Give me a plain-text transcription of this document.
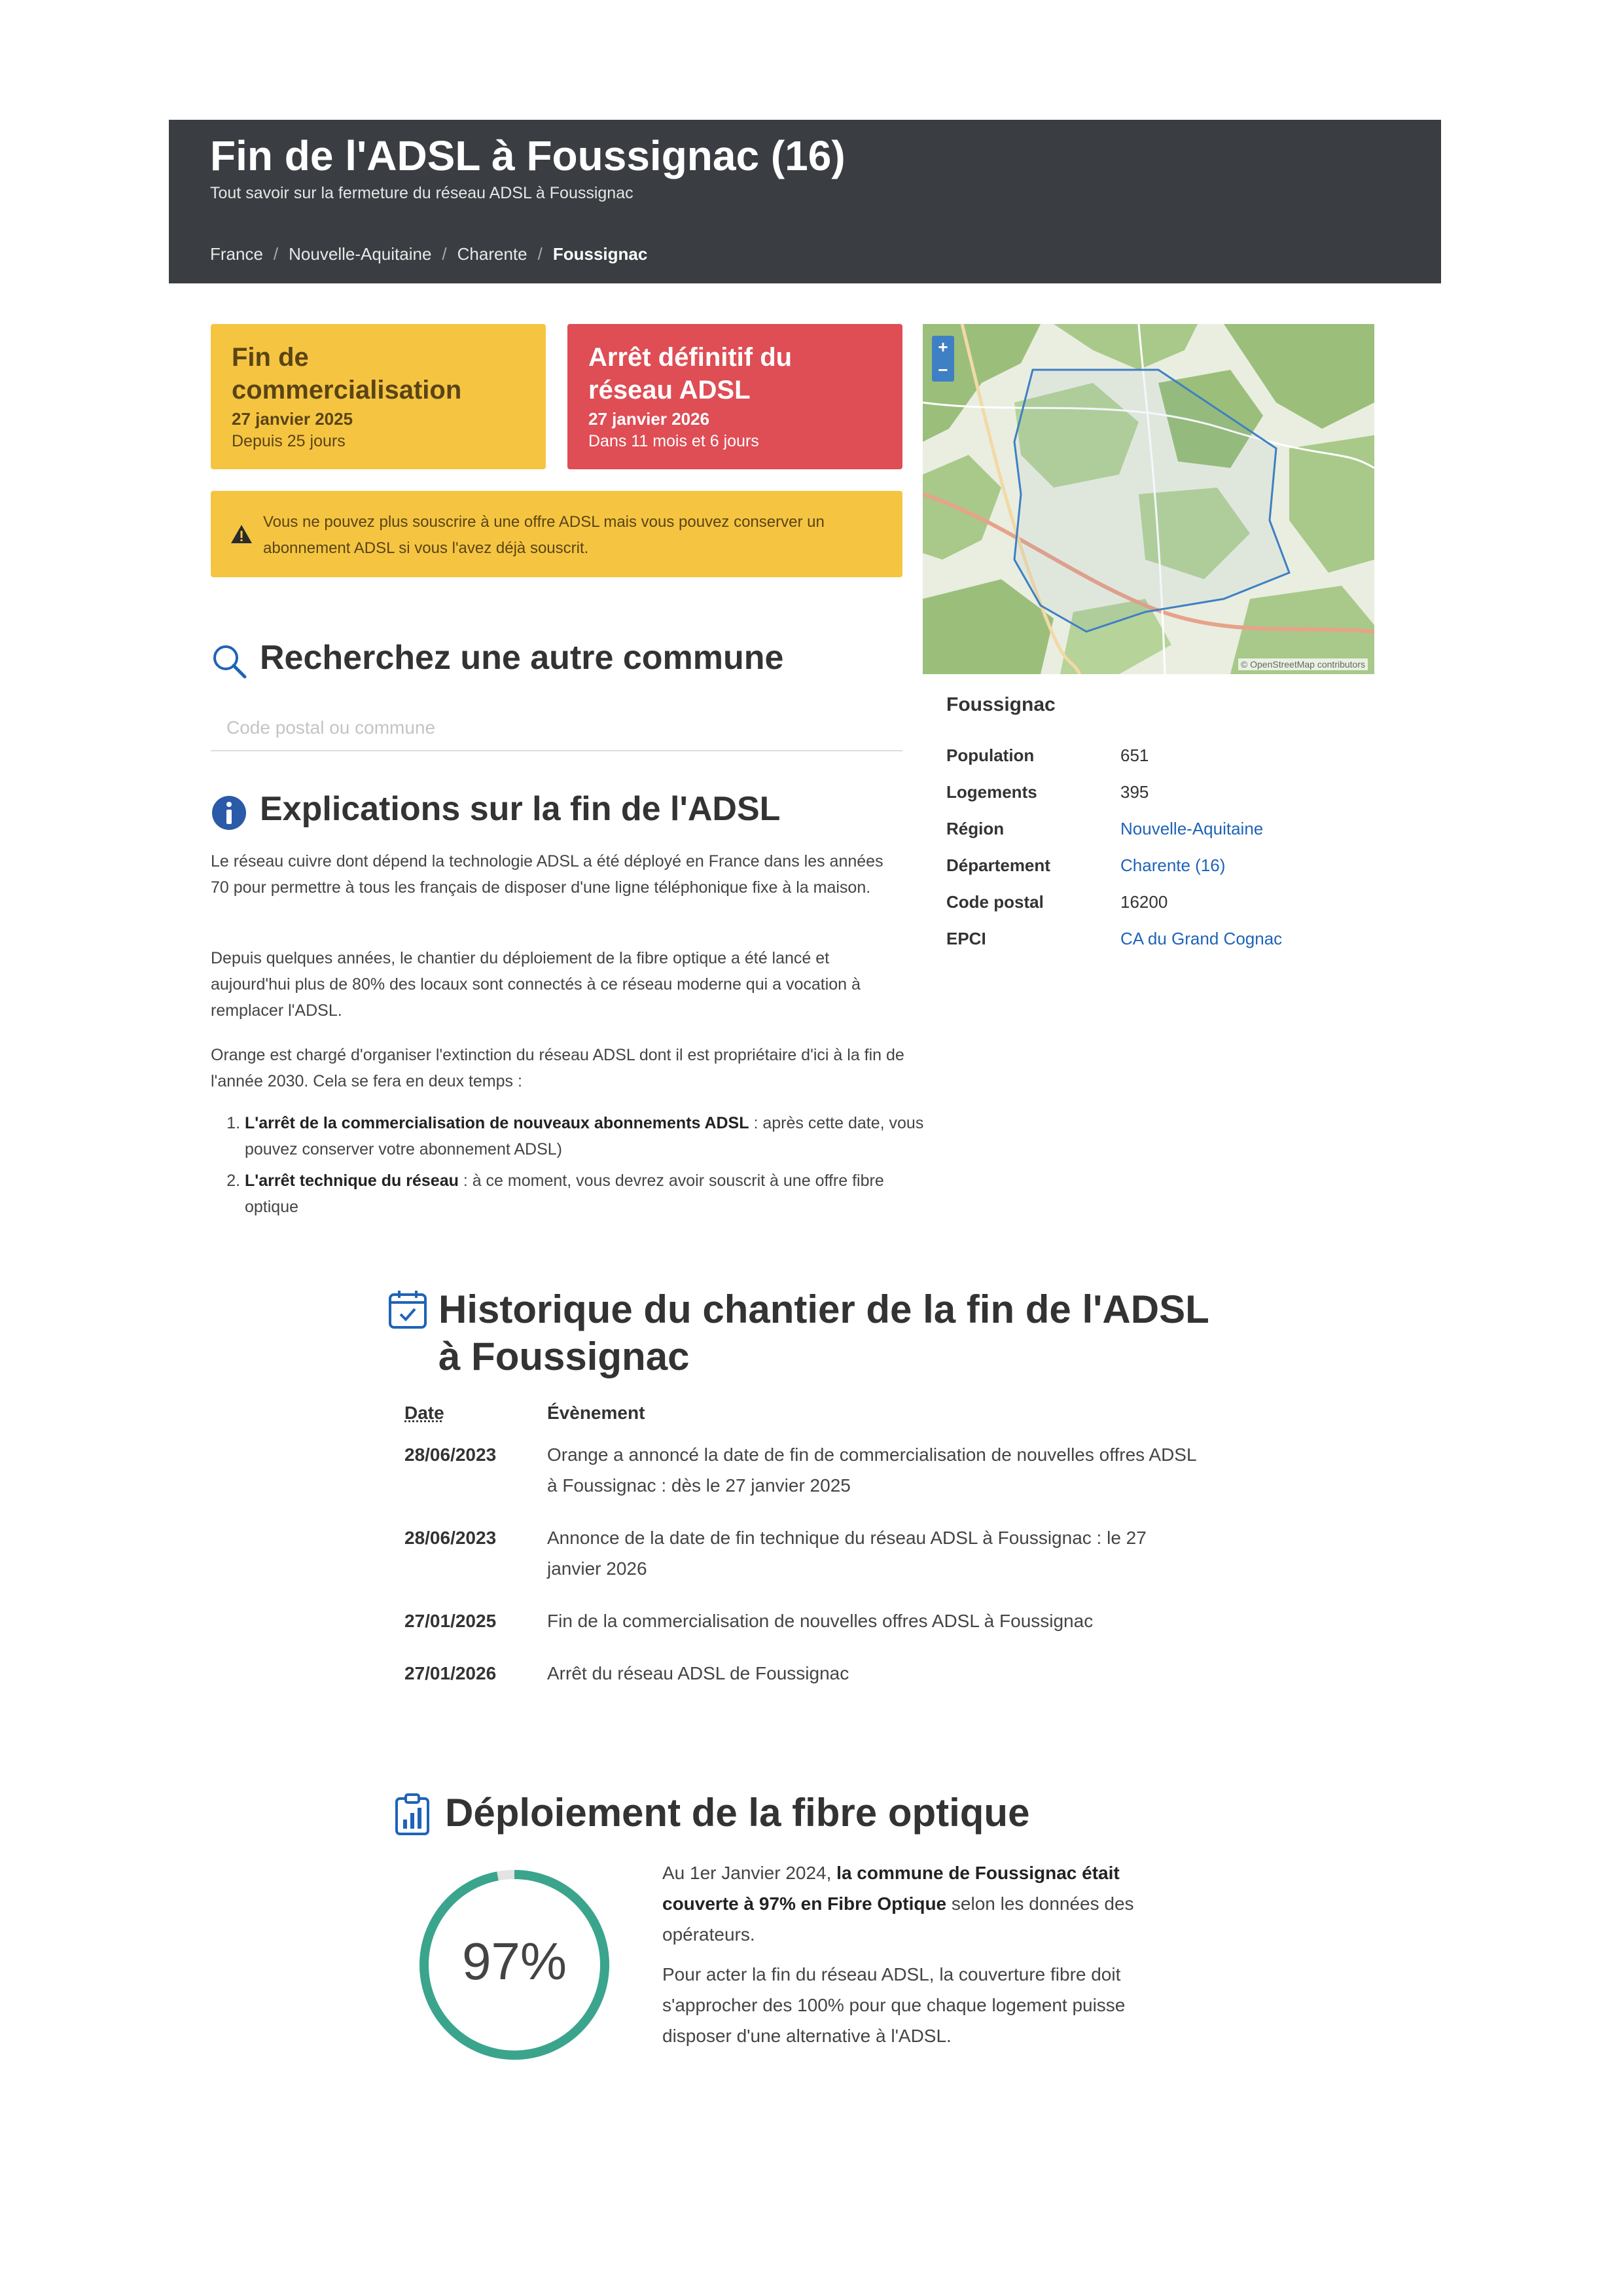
Fin de l'ADSL à Foussignac (16)
Tout savoir sur la fermeture du réseau ADSL à Foussignac
France / Nouvelle-Aquitaine / Charente / Foussignac
Fin de commercialisation
27 janvier 2025
Depuis 25 jours
Arrêt définitif du réseau ADSL
27 janvier 2026
Dans 11 mois et 6 jours
Vous ne pouvez plus souscrire à une offre ADSL mais vous pouvez conserver un abonnement ADSL si vous l'avez déjà souscrit.
Recherchez une autre commune
Code postal ou commune
Explications sur la fin de l'ADSL
Le réseau cuivre dont dépend la technologie ADSL a été déployé en France dans les années 70 pour permettre à tous les français de disposer d'une ligne téléphonique fixe à la maison.
Depuis quelques années, le chantier du déploiement de la fibre optique a été lancé et aujourd'hui plus de 80% des locaux sont connectés à ce réseau moderne qui a vocation à remplacer l'ADSL.
Orange est chargé d'organiser l'extinction du réseau ADSL dont il est propriétaire d'ici à la fin de l'année 2030. Cela se fera en deux temps :
1. L'arrêt de la commercialisation de nouveaux abonnements ADSL : après cette date, vous pouvez conserver votre abonnement ADSL)
2. L'arrêt technique du réseau : à ce moment, vous devrez avoir souscrit à une offre fibre optique
+
−
© OpenStreetMap contributors
Foussignac
Population	651
Logements	395
Région	Nouvelle-Aquitaine
Département	Charente (16)
Code postal	16200
EPCI	CA du Grand Cognac
Historique du chantier de la fin de l'ADSL à Foussignac
Date	Évènement
28/06/2023	Orange a annoncé la date de fin de commercialisation de nouvelles offres ADSL à Foussignac : dès le 27 janvier 2025
28/06/2023	Annonce de la date de fin technique du réseau ADSL à Foussignac : le 27 janvier 2026
27/01/2025	Fin de la commercialisation de nouvelles offres ADSL à Foussignac
27/01/2026	Arrêt du réseau ADSL de Foussignac
Déploiement de la fibre optique
97%
Au 1er Janvier 2024, la commune de Foussignac était couverte à 97% en Fibre Optique selon les données des opérateurs.
Pour acter la fin du réseau ADSL, la couverture fibre doit s'approcher des 100% pour que chaque logement puisse disposer d'une alternative à l'ADSL.
